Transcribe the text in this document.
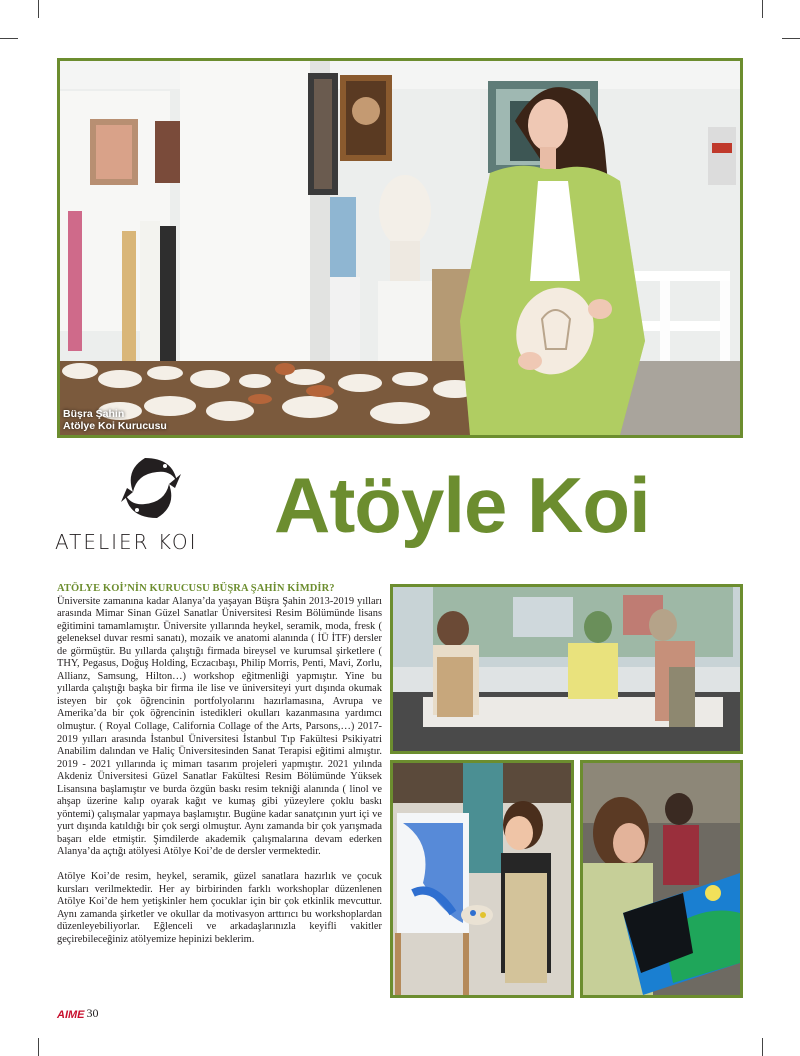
Büşra Şahin
Atölye Koi Kurucusu
ATELIER KOI Atöyle Koi
ATÖLYE KOİ’NİN KURUCUSU BÜŞRA ŞAHİN KİMDİR?

Üniversite zamanına kadar Alanya’da yaşayan Büşra Şahin 2013-2019 yılları arasında Mimar Sinan Güzel Sanatlar Üniversitesi Resim Bölümünde lisans eğitimini tamamlamıştır. Üniversite yıllarında heykel, seramik, moda, fresk ( geleneksel duvar resmi sanatı), mozaik ve anatomi alanında ( İÜ İTF) dersler de görmüştür. Bu yıllarda çalıştığı firmada bireysel ve kurumsal şirketlere ( THY, Pegasus, Doğuş Holding, Eczacıbaşı, Philip Morris, Penti, Mavi, Zorlu, Allianz, Samsung, Hilton…) workshop eğitmenliği yapmıştır. Yine bu yıllarda çalıştığı başka bir firma ile lise ve üniversiteyi yurt dışında okumak isteyen bir çok öğrencinin portfolyolarını hazırlamasına, Avrupa ve Amerika’da bir çok öğrencinin istedikleri okulları kazanmasına yardımcı olmuştur. ( Royal Collage, California Collage of the Arts, Parsons,…) 2017-2019 yılları arasında İstanbul Üniversitesi İstanbul Tıp Fakültesi Psikiyatri Anabilim dalından ve Haliç Üniversitesinden Sanat Terapisi eğitimi almıştır. 2019 - 2021 yıllarında iç mimarı tasarım projeleri yapmıştır. 2021 yılında Akdeniz Üniversitesi Güzel Sanatlar Fakültesi Resim Bölümünde Yüksek Lisansına başlamıştır ve burda özgün baskı resim tekniği alanında ( linol ve ahşap üzerine kalıp oyarak kağıt ve kumaş gibi yüzeylere çoklu baskı yöntemi) çalışmalar yapmaya başlamıştır. Bugüne kadar sanatçının yurt içi ve yurt dışında katıldığı bir çok sergi olmuştur. Aynı zamanda bir çok yarışmada başarı elde etmiştir. Şimdilerde akademik çalışmalarına devam ederken Alanya’da açtığı atölyesi Atölye Koi’de de dersler vermektedir.

Atölye Koi’de resim, heykel, seramik, güzel sanatlara hazırlık ve çocuk kursları verilmektedir. Her ay birbirinden farklı workshoplar düzenlenen Atölye Koi’de hem yetişkinler hem çocuklar için bir çok etkinlik mevcuttur. Aynı zamanda şirketler ve okullar da motivasyon arttırıcı bu workshoplardan düzenleyebiliyorlar. Eğlenceli ve arkadaşlarınızla keyifli vakitler geçirebileceğiniz atölyemize hepinizi beklerim.

AIME 30
